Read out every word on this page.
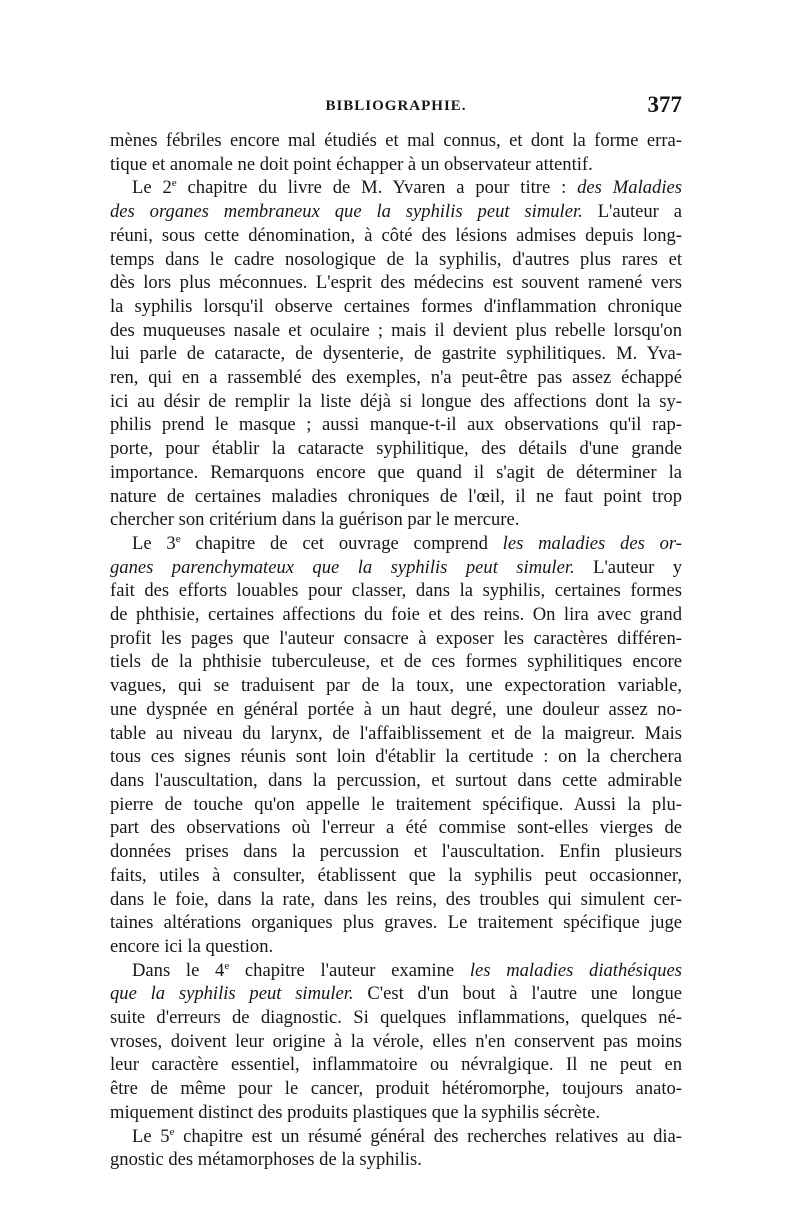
BIBLIOGRAPHIE.	377
mènes fébriles encore mal étudiés et mal connus, et dont la forme erra-
tique et anomale ne doit point échapper à un observateur attentif.
Le 2e chapitre du livre de M. Yvaren a pour titre : des Maladies
des organes membraneux que la syphilis peut simuler. L'auteur a
réuni, sous cette dénomination, à côté des lésions admises depuis long-
temps dans le cadre nosologique de la syphilis, d'autres plus rares et
dès lors plus méconnues. L'esprit des médecins est souvent ramené vers
la syphilis lorsqu'il observe certaines formes d'inflammation chronique
des muqueuses nasale et oculaire ; mais il devient plus rebelle lorsqu'on
lui parle de cataracte, de dysenterie, de gastrite syphilitiques. M. Yva-
ren, qui en a rassemblé des exemples, n'a peut-être pas assez échappé
ici au désir de remplir la liste déjà si longue des affections dont la sy-
philis prend le masque ; aussi manque-t-il aux observations qu'il rap-
porte, pour établir la cataracte syphilitique, des détails d'une grande
importance. Remarquons encore que quand il s'agit de déterminer la
nature de certaines maladies chroniques de l'œil, il ne faut point trop
chercher son critérium dans la guérison par le mercure.
Le 3e chapitre de cet ouvrage comprend les maladies des or-
ganes parenchymateux que la syphilis peut simuler. L'auteur y
fait des efforts louables pour classer, dans la syphilis, certaines formes
de phthisie, certaines affections du foie et des reins. On lira avec grand
profit les pages que l'auteur consacre à exposer les caractères différen-
tiels de la phthisie tuberculeuse, et de ces formes syphilitiques encore
vagues, qui se traduisent par de la toux, une expectoration variable,
une dyspnée en général portée à un haut degré, une douleur assez no-
table au niveau du larynx, de l'affaiblissement et de la maigreur. Mais
tous ces signes réunis sont loin d'établir la certitude : on la cherchera
dans l'auscultation, dans la percussion, et surtout dans cette admirable
pierre de touche qu'on appelle le traitement spécifique. Aussi la plu-
part des observations où l'erreur a été commise sont-elles vierges de
données prises dans la percussion et l'auscultation. Enfin plusieurs
faits, utiles à consulter, établissent que la syphilis peut occasionner,
dans le foie, dans la rate, dans les reins, des troubles qui simulent cer-
taines altérations organiques plus graves. Le traitement spécifique juge
encore ici la question.
Dans le 4e chapitre l'auteur examine les maladies diathésiques
que la syphilis peut simuler. C'est d'un bout à l'autre une longue
suite d'erreurs de diagnostic. Si quelques inflammations, quelques né-
vroses, doivent leur origine à la vérole, elles n'en conservent pas moins
leur caractère essentiel, inflammatoire ou névralgique. Il ne peut en
être de même pour le cancer, produit hétéromorphe, toujours anato-
miquement distinct des produits plastiques que la syphilis sécrète.
Le 5e chapitre est un résumé général des recherches relatives au dia-
gnostic des métamorphoses de la syphilis.
